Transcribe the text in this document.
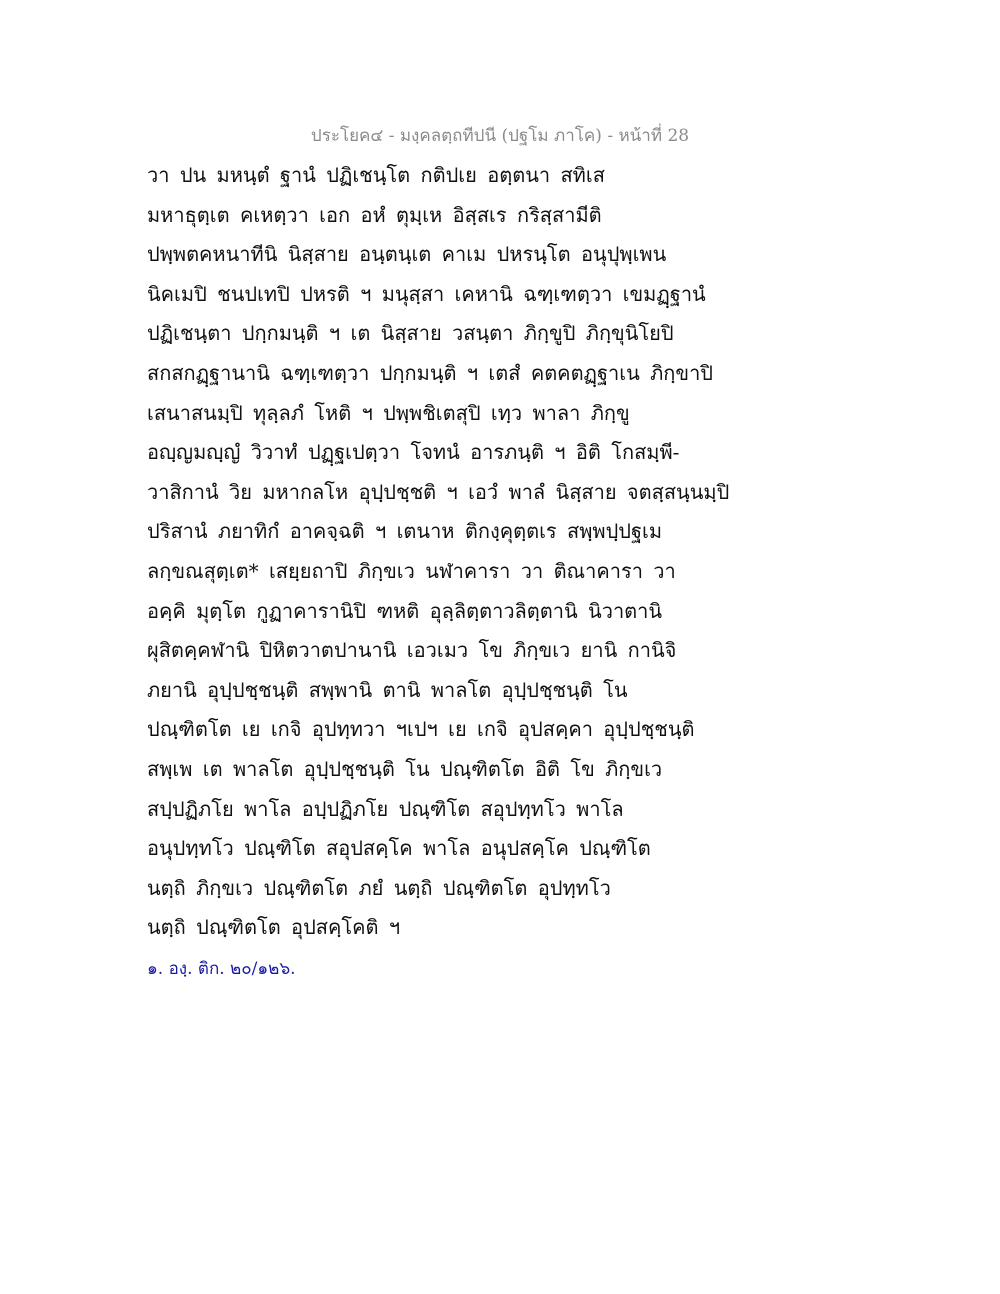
ประโยค๔ - มงฺคลตฺถทีปนี (ปฐโม ภาโค) - หน้าที่ 28
วา ปน มหนฺตํ ฐานํ ปฏิเชนฺโต กติปเย อตฺตนา สทิเส
มหาธุตฺเต คเหตฺวา เอก อหํ ตุมฺเห อิสฺสเร กริสฺสามีติ
ปพฺพตคหนาทีนิ นิสฺสาย อนฺตนฺเต คาเม ปหรนฺโต อนุปุพฺเพน
นิคเมปิ ชนปเทปิ ปหรติ ฯ มนุสฺสา เคหานิ ฉฑฺเฑตฺวา เขมฏฺฐานํ
ปฏิเชนฺตา ปกฺกมนฺติ ฯ เต นิสฺสาย วสนฺตา ภิกฺขูปิ ภิกฺขุนิโยปิ
สกสกฏฺฐานานิ ฉฑฺเฑตฺวา ปกฺกมนฺติ ฯ เตสํ คตคตฏฺฐาเน ภิกฺขาปิ
เสนาสนมฺปิ ทุลฺลภํ โหติ ฯ ปพฺพชิเตสุปิ เทฺว พาลา ภิกฺขู
อญฺญมญฺญํ วิวาทํ ปฏฺฐเปตฺวา โจทนํ อารภนฺติ ฯ อิติ โกสมฺพี-
วาสิกานํ วิย มหากลโห อุปฺปชฺชติ ฯ เอวํ พาลํ นิสฺสาย จตสฺสนฺนมฺปิ
ปริสานํ ภยาทิกํ อาคจฺฉติ ฯ เตนาห ติกงฺคุตฺตเร สพฺพปฺปฐเม
ลกฺขณสุตฺเต* เสยฺยถาปิ ภิกฺขเว นฬาคารา วา ติณาคารา วา
อคฺคิ มุตฺโต กูฏาคารานิปิ ฑหติ อุลฺลิตฺตาวลิตฺตานิ นิวาตานิ
ผุสิตคฺคฬานิ ปิหิตวาตปานานิ เอวเมว โข ภิกฺขเว ยานิ กานิจิ
ภยานิ อุปฺปชฺชนฺติ สพฺพานิ ตานิ พาลโต อุปฺปชฺชนฺติ โน
ปณฺฑิตโต เย เกจิ อุปทฺทวา ฯเปฯ เย เกจิ อุปสคฺคา อุปฺปชฺชนฺติ
สพฺเพ เต พาลโต อุปฺปชฺชนฺติ โน ปณฺฑิตโต อิติ โข ภิกฺขเว
สปฺปฏิภโย พาโล อปฺปฏิภโย ปณฺฑิโต สอุปทฺทโว พาโล
อนุปทฺทโว ปณฺฑิโต สอุปสคฺโค พาโล อนุปสคฺโค ปณฺฑิโต
นตฺถิ ภิกฺขเว ปณฺฑิตโต ภยํ นตฺถิ ปณฺฑิตโต อุปทฺทโว
นตฺถิ ปณฺฑิตโต อุปสคฺโคติ ฯ
๑. องฺ. ติก. ๒๐/๑๒๖.
